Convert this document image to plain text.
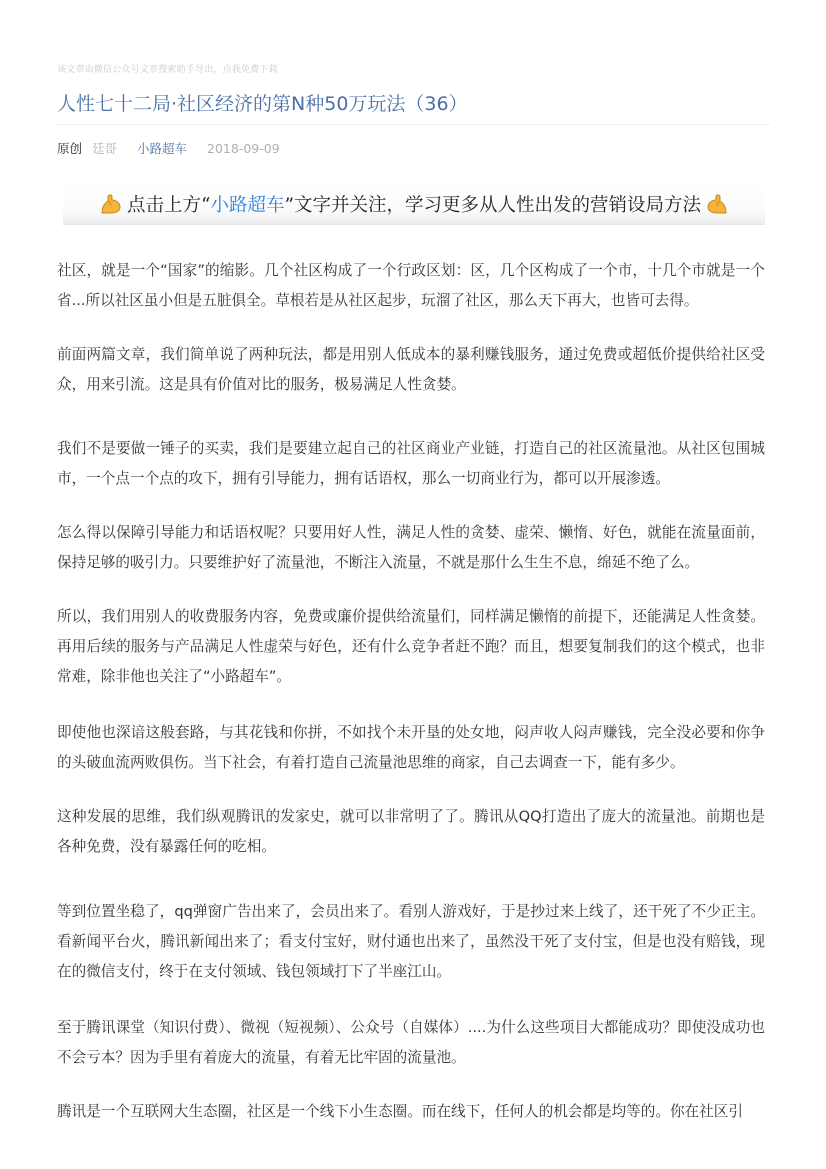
该文章由微信公众号文章搜索助手导出，点我免费下载
人性七十二局·社区经济的第N种50万玩法（36）
原创 廷哥 小路超车 2018-09-09
点击上方“ 小路超车 ”文字并关注，学习更多从人性出发的营销设局方法

社区，就是一个“国家”的缩影。几个社区构成了一个行政区划：区，几个区构成了一个市，十几个市就是一个省...所以社区虽小但是五脏俱全。草根若是从社区起步，玩溜了社区，那么天下再大，也皆可去得。

前面两篇文章，我们简单说了两种玩法，都是用别人低成本的暴利赚钱服务，通过免费或超低价提供给社区受众，用来引流。这是具有价值对比的服务，极易满足人性贪婪。

我们不是要做一锤子的买卖，我们是要建立起自己的社区商业产业链，打造自己的社区流量池。从社区包围城市，一个点一个点的攻下，拥有引导能力，拥有话语权，那么一切商业行为，都可以开展渗透。

怎么得以保障引导能力和话语权呢？只要用好人性，满足人性的贪婪、虚荣、懒惰、好色，就能在流量面前，保持足够的吸引力。只要维护好了流量池，不断注入流量，不就是那什么生生不息，绵延不绝了么。

所以，我们用别人的收费服务内容，免费或廉价提供给流量们，同样满足懒惰的前提下，还能满足人性贪婪。再用后续的服务与产品满足人性虚荣与好色，还有什么竞争者赶不跑？而且，想要复制我们的这个模式，也非常难，除非他也关注了“小路超车”。

即使他也深谙这般套路，与其花钱和你拼，不如找个未开垦的处女地，闷声收人闷声赚钱，完全没必要和你争的头破血流两败俱伤。当下社会，有着打造自己流量池思维的商家，自己去调查一下，能有多少。

这种发展的思维，我们纵观腾讯的发家史，就可以非常明了了。腾讯从QQ打造出了庞大的流量池。前期也是各种免费，没有暴露任何的吃相。

等到位置坐稳了，qq弹窗广告出来了，会员出来了。看别人游戏好，于是抄过来上线了，还干死了不少正主。看新闻平台火，腾讯新闻出来了；看支付宝好，财付通也出来了，虽然没干死了支付宝，但是也没有赔钱，现在的微信支付，终于在支付领域、钱包领域打下了半座江山。

至于腾讯课堂（知识付费）、微视（短视频）、公众号（自媒体）....为什么这些项目大都能成功？即使没成功也不会亏本？因为手里有着庞大的流量，有着无比牢固的流量池。

腾讯是一个互联网大生态圈，社区是一个线下小生态圈。而在线下，任何人的机会都是均等的。你在社区引
